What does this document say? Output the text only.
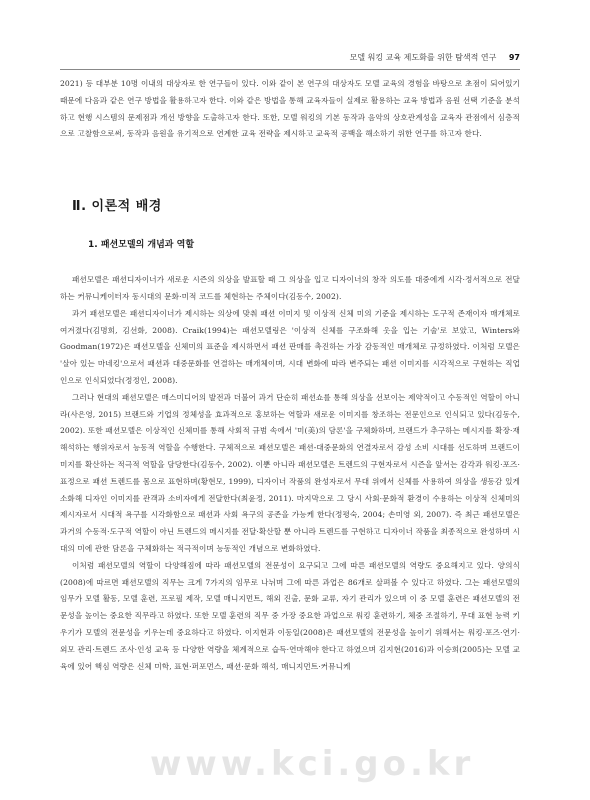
모델 워킹 교육 제도화를 위한 탐색적 연구 97

2021) 등 대부분 10명 이내의 대상자로 한 연구들이 있다. 이와 같이 본 연구의 대상자도 모델 교육의 경험을 바탕으로 초점이 되어있기 때문에 다음과 같은 연구 방법을 활용하고자 한다. 이와 같은 방법을 통해 교육자들이 실제로 활용하는 교육 방법과 음원 선택 기준을 분석하고 현행 시스템의 문제점과 개선 방향을 도출하고자 한다. 또한, 모델 워킹의 기본 동작과 음악의 상호관계성을 교육자 관점에서 심층적으로 고찰함으로써, 동작과 음원을 유기적으로 연계한 교육 전략을 제시하고 교육적 공백을 해소하기 위한 연구를 하고자 한다.

Ⅱ. 이론적 배경
1. 패션모델의 개념과 역할

패션모델은 패션디자이너가 새로운 시즌의 의상을 발표할 때 그 의상을 입고 디자이너의 창작 의도를 대중에게 시각·정서적으로 전달하는 커뮤니케이터자 동시대의 문화·미적 코드를 체현하는 주체이다(김동수, 2002).

과거 패션모델은 패션디자이너가 제시하는 의상에 맞춰 패션 이미지 및 이상적 신체 미의 기준을 제시하는 도구적 존재이자 매개체로 여겨졌다(김명희, 김선화, 2008). Craik(1994)는 패션모델링은 '이상적 신체를 구조화해 옷을 입는 기술'로 보았고, Winters와 Goodman(1972)은 패션모델을 신체미의 표준을 제시하면서 패션 판매를 촉진하는 가장 감동적인 매개체로 규정하였다. 이처럼 모델은 '살아 있는 마네킹'으로서 패션과 대중문화를 연결하는 매개체이며, 시대 변화에 따라 변주되는 패션 이미지를 시각적으로 구현하는 직업인으로 인식되었다(정정인, 2008).

그러나 현대의 패션모델은 매스미디어의 발전과 더불어 과거 단순히 패션쇼를 통해 의상을 선보이는 제약적이고 수동적인 역할이 아니라(사은영, 2015) 브랜드와 기업의 정체성을 효과적으로 홍보하는 역할과 새로운 이미지를 창조하는 전문인으로 인식되고 있다(김동수, 2002). 또한 패션모델은 이상적인 신체미를 통해 사회적 규범 속에서 '미(美)의 담론'을 구체화하며, 브랜드가 추구하는 메시지를 확장·재해석하는 행위자로서 능동적 역할을 수행한다. 구체적으로 패션모델은 패션-대중문화의 연결자로서 감성 소비 시대를 선도하며 브랜드이미지를 확산하는 적극적 역할을 담당한다(김동수, 2002). 이뿐 아니라 패션모델은 트렌드의 구현자로서 시즌을 앞서는 감각과 워킹·포즈·표정으로 패션 트렌드를 몸으로 표현하며(황현모, 1999), 디자이너 작품의 완성자로서 무대 위에서 신체를 사용하여 의상을 생동감 있게 소화해 디자인 이미지를 관객과 소비자에게 전달한다(최윤정, 2011). 마지막으로 그 당시 사회·문화적 환경이 수용하는 이상적 신체미의 제시자로서 시대적 욕구를 시각화함으로 패션과 사회 욕구의 공존을 가능케 한다(정평숙, 2004; 손미영 외, 2007). 즉 최근 패션모델은 과거의 수동적·도구적 역할이 아닌 트렌드의 메시지를 전달·확산할 뿐 아니라 트렌드를 구현하고 디자이너 작품을 최종적으로 완성하며 시대의 미에 관한 담론을 구체화하는 적극적이며 능동적인 개념으로 변화하였다.

이처럼 패션모델의 역할이 다양해짐에 따라 패션모델의 전문성이 요구되고 그에 따른 패션모델의 역량도 중요해지고 있다. 양의식(2008)에 따르면 패션모델의 직무는 크게 7가지의 임무로 나뉘며 그에 따른 과업은 86개로 살펴볼 수 있다고 하였다. 그는 패션모델의 임무가 모델 활동, 모델 훈련, 프로필 제작, 모델 매니지먼트, 해외 진출, 문화 교류, 자기 관리가 있으며 이 중 모델 훈련은 패션모델의 전문성을 높이는 중요한 직무라고 하였다. 또한 모델 훈련의 직무 중 가장 중요한 과업으로 워킹 훈련하기, 체중 조절하기, 무대 표현 능력 키우기가 모델의 전문성을 키우는데 중요하다고 하였다. 이지현과 이동일(2008)은 패션모델의 전문성을 높이기 위해서는 워킹·포즈·연기·외모 관리·트렌드 조사·인성 교육 등 다양한 역량을 체계적으로 습득·연마해야 한다고 하였으며 김지현(2016)과 이승희(2005)는 모델 교육에 있어 핵심 역량은 신체 미학, 표현·퍼포먼스, 패션·문화 해석, 매니지먼트·커뮤니케

www.kci.go.kr
